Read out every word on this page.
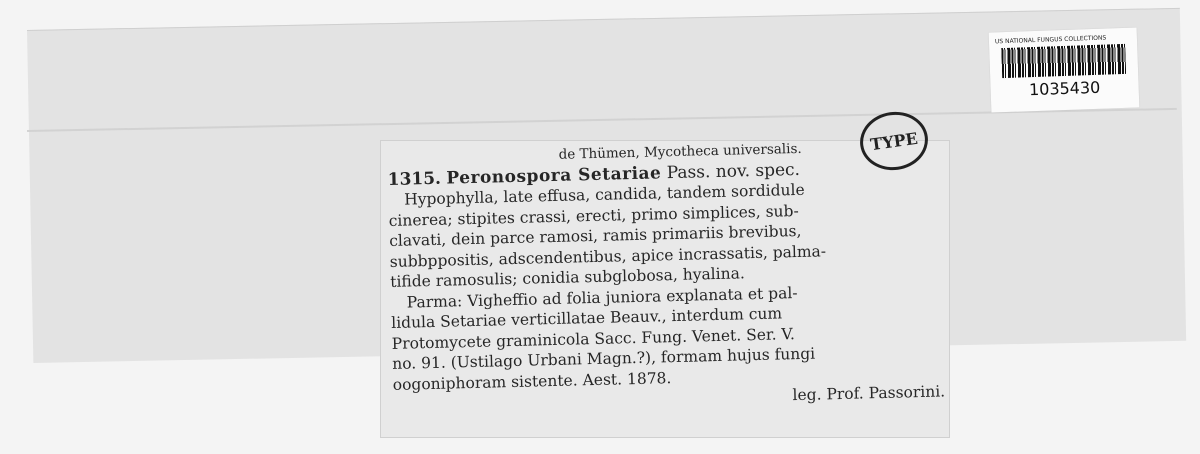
US NATIONAL FUNGUS COLLECTIONS
1035430
de Thümen, Mycotheca universalis.
1315. Peronospora Setariae Pass. nov. spec.
Hypophylla, late effusa, candida, tandem sordidule
cinerea; stipites crassi, erecti, primo simplices, sub-
clavati, dein parce ramosi, ramis primariis brevibus,
subbppositis, adscendentibus, apice incrassatis, palma-
tifide ramosulis; conidia subglobosa, hyalina.
Parma: Vigheffio ad folia juniora explanata et pal-
lidula Setariae verticillatae Beauv., interdum cum
Protomycete graminicola Sacc. Fung. Venet. Ser. V.
no. 91. (Ustilago Urbani Magn.?), formam hujus fungi
oogoniphoram sistente. Aest. 1878.	leg. Prof. Passorini.
TYPE
